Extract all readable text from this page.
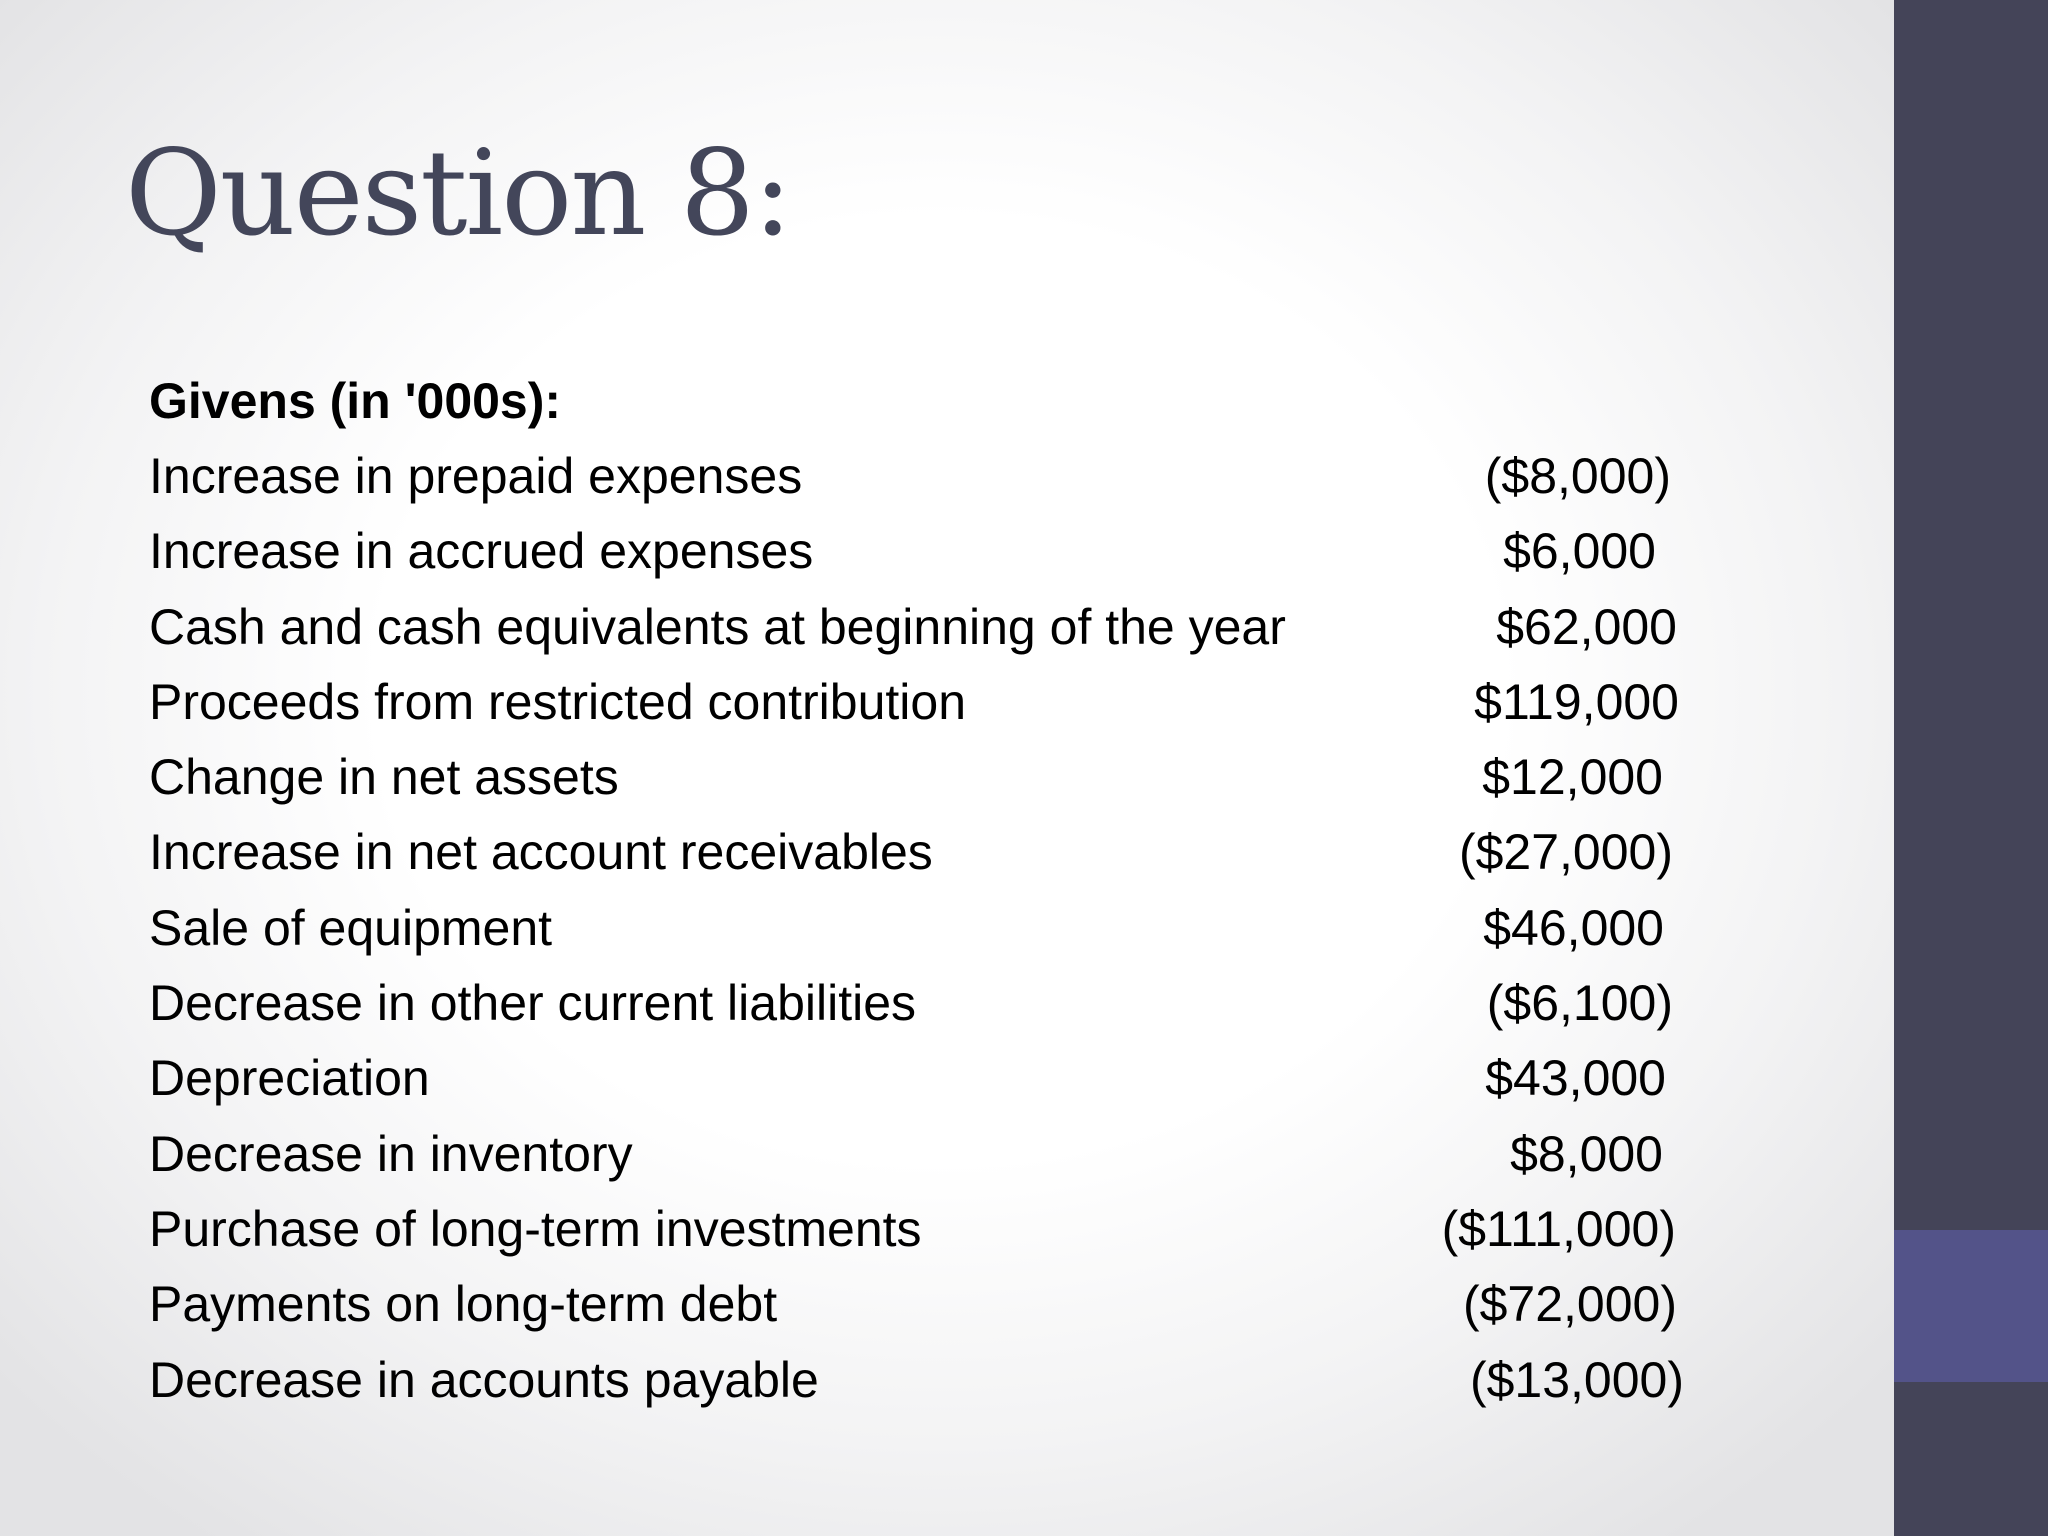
Question 8:
Givens (in '000s):
Increase in prepaid expenses	($8,000)
Increase in accrued expenses	$6,000
Cash and cash equivalents at beginning of the year	$62,000
Proceeds from restricted contribution	$119,000
Change in net assets	$12,000
Increase in net account receivables	($27,000)
Sale of equipment	$46,000
Decrease in other current liabilities	($6,100)
Depreciation	$43,000
Decrease in inventory	$8,000
Purchase of long-term investments	($111,000)
Payments on long-term debt	($72,000)
Decrease in accounts payable	($13,000)
